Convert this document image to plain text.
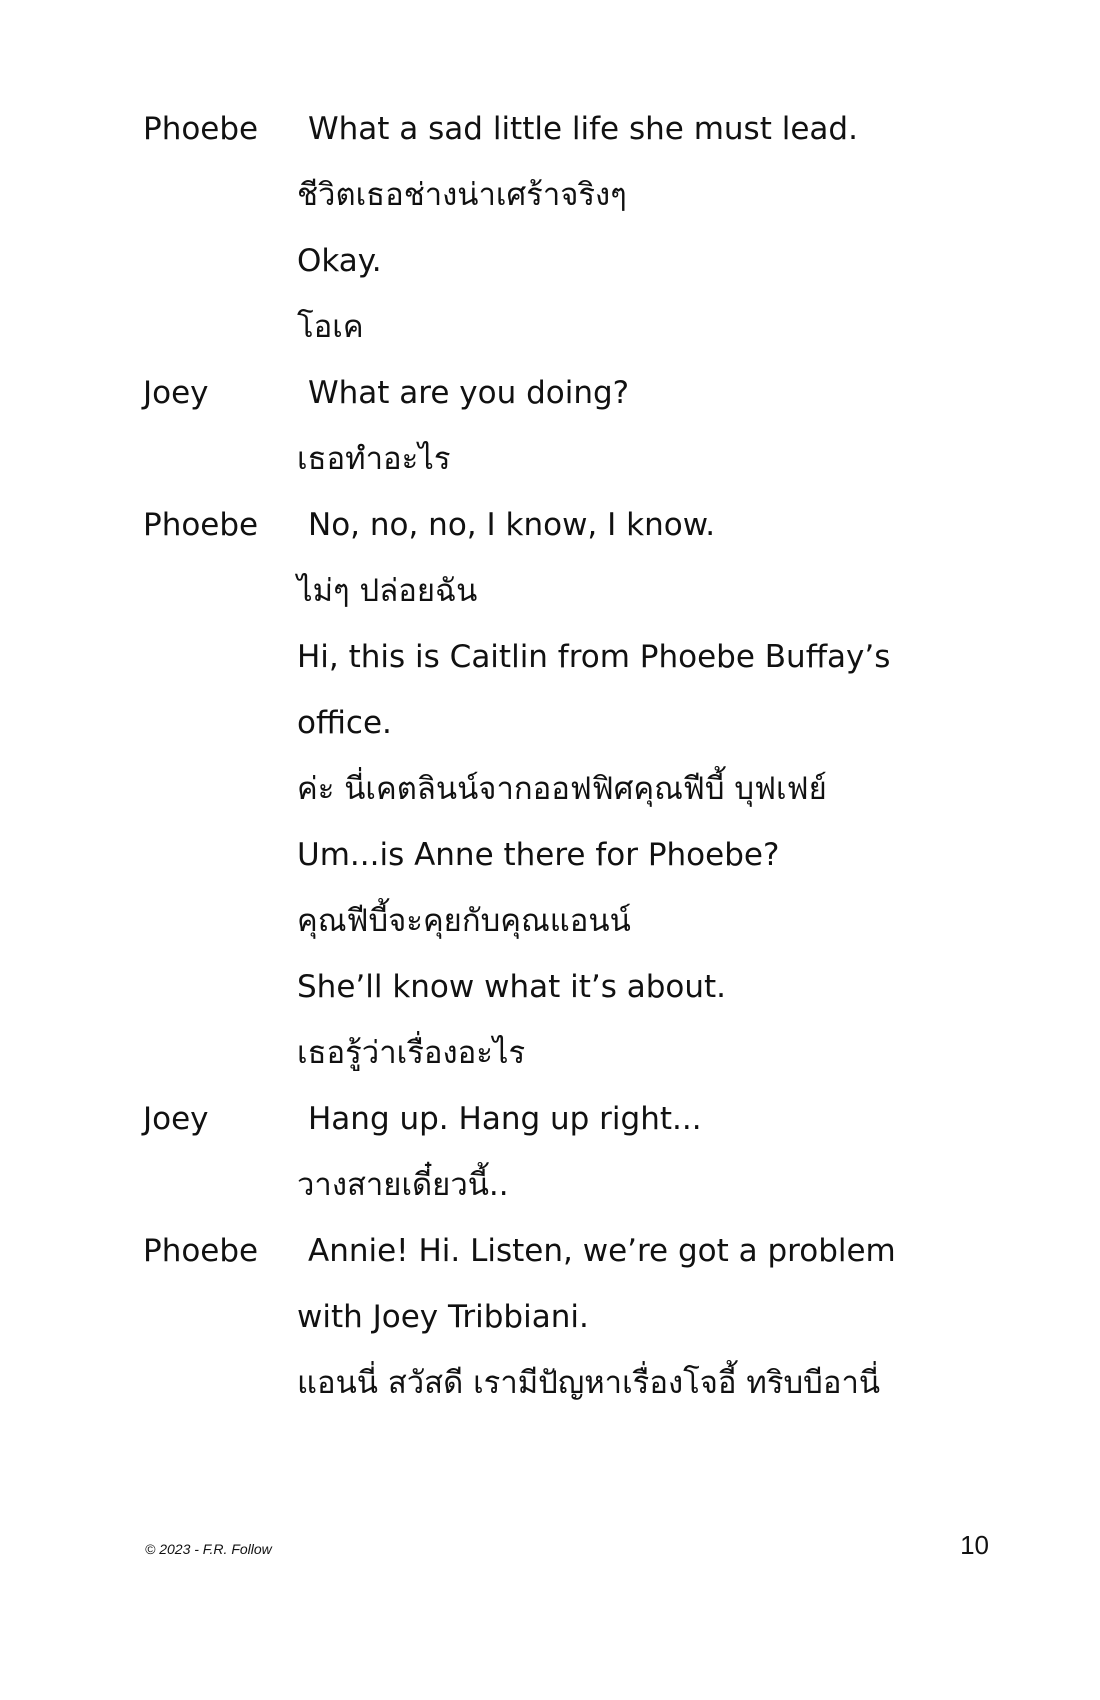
Phoebe What a sad little life she must lead.
ชีวิตเธอช่างน่าเศร้าจริงๆ
Okay.
โอเค
Joey	What are you doing?
เธอทำอะไร
Phoebe No, no, no, I know, I know.
ไม่ๆ ปล่อยฉัน
Hi, this is Caitlin from Phoebe Buffay’s
office.
ค่ะ นี่เคตลินน์จากออฟฟิศคุณฟีบี้ บุฟเฟย์
Um...is Anne there for Phoebe?
คุณฟีบี้จะคุยกับคุณแอนน์
She’ll know what it’s about.
เธอรู้ว่าเรื่องอะไร
Joey	Hang up. Hang up right...
วางสายเดี๋ยวนี้..
Phoebe Annie! Hi. Listen, we’re got a problem
with Joey Tribbiani.
แอนนี่ สวัสดี เรามีปัญหาเรื่องโจอี้ ทริบบีอานี่
© 2023 - F.R. Follow	10
